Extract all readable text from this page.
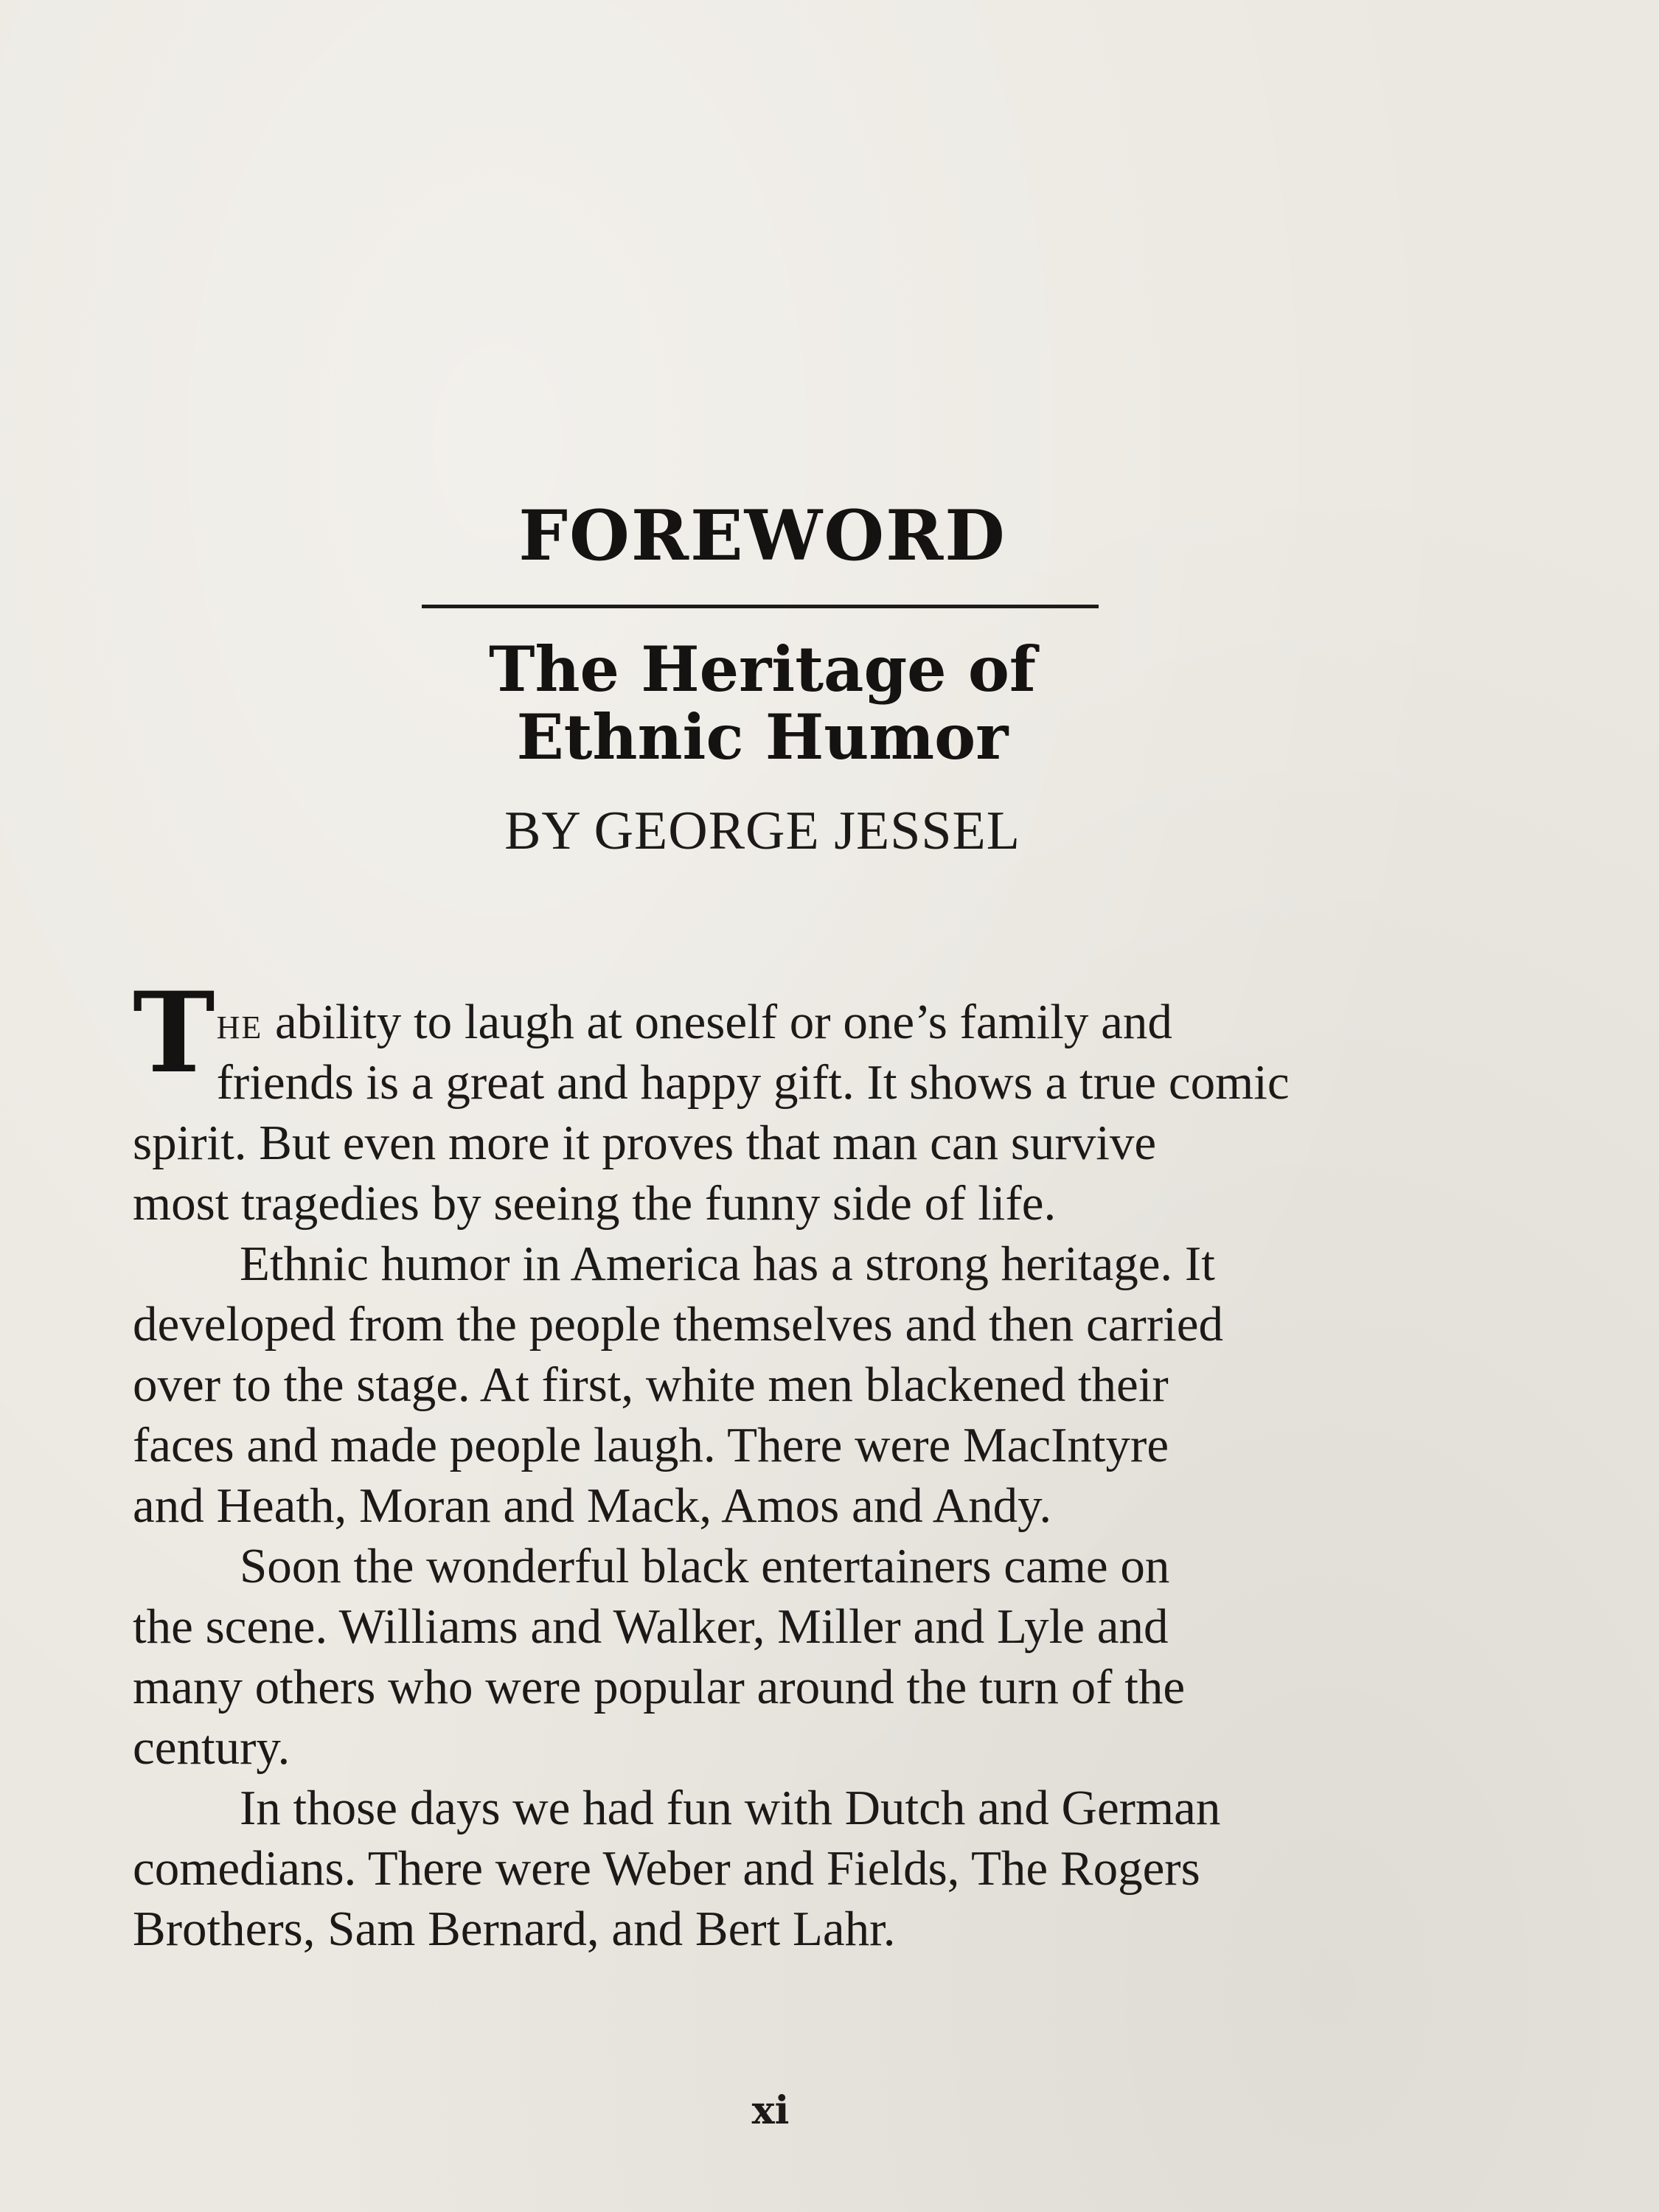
FOREWORD
The Heritage of
Ethnic Humor
BY GEORGE JESSEL
THE ability to laugh at oneself or one’s family and
friends is a great and happy gift. It shows a true comic
spirit. But even more it proves that man can survive
most tragedies by seeing the funny side of life.
Ethnic humor in America has a strong heritage. It
developed from the people themselves and then carried
over to the stage. At first, white men blackened their
faces and made people laugh. There were MacIntyre
and Heath, Moran and Mack, Amos and Andy.
Soon the wonderful black entertainers came on
the scene. Williams and Walker, Miller and Lyle and
many others who were popular around the turn of the
century.
In those days we had fun with Dutch and German
comedians. There were Weber and Fields, The Rogers
Brothers, Sam Bernard, and Bert Lahr.
xi
